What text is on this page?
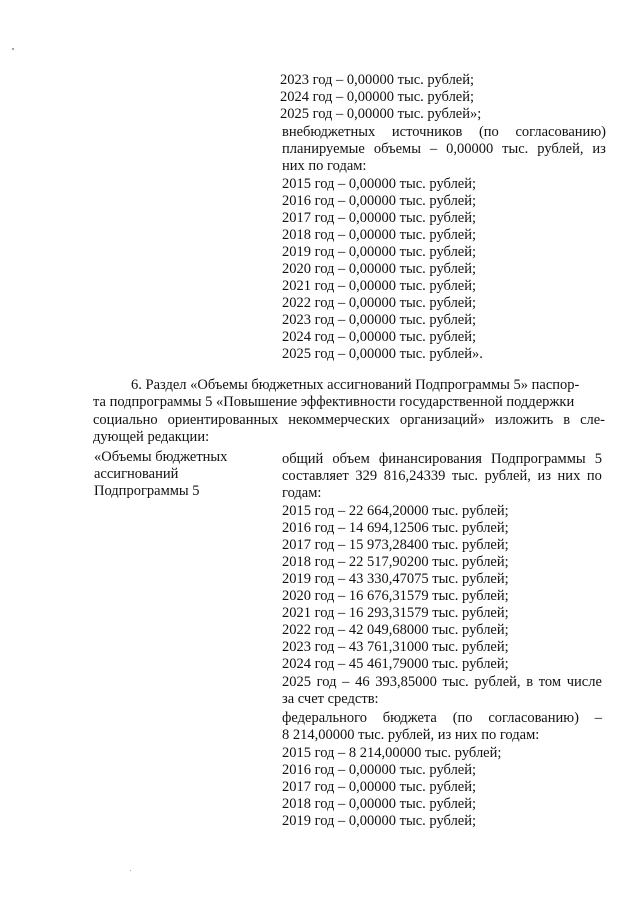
2023 год – 0,00000 тыс. рублей;
2024 год – 0,00000 тыс. рублей;
2025 год – 0,00000 тыс. рублей»;
внебюджетных источников (по согласованию)
планируемые объемы – 0,00000 тыс. рублей, из
них по годам:
2015 год – 0,00000 тыс. рублей;
2016 год – 0,00000 тыс. рублей;
2017 год – 0,00000 тыс. рублей;
2018 год – 0,00000 тыс. рублей;
2019 год – 0,00000 тыс. рублей;
2020 год – 0,00000 тыс. рублей;
2021 год – 0,00000 тыс. рублей;
2022 год – 0,00000 тыс. рублей;
2023 год – 0,00000 тыс. рублей;
2024 год – 0,00000 тыс. рублей;
2025 год – 0,00000 тыс. рублей».
6. Раздел «Объемы бюджетных ассигнований Подпрограммы 5» паспор-
та подпрограммы 5 «Повышение эффективности государственной поддержки
социально ориентированных некоммерческих организаций» изложить в сле-
дующей редакции:
«Объемы бюджетных
ассигнований
Подпрограммы 5
общий объем финансирования Подпрограммы 5
составляет 329 816,24339 тыс. рублей, из них по
годам:
2015 год – 22 664,20000 тыс. рублей;
2016 год – 14 694,12506 тыс. рублей;
2017 год – 15 973,28400 тыс. рублей;
2018 год – 22 517,90200 тыс. рублей;
2019 год – 43 330,47075 тыс. рублей;
2020 год – 16 676,31579 тыс. рублей;
2021 год – 16 293,31579 тыс. рублей;
2022 год – 42 049,68000 тыс. рублей;
2023 год – 43 761,31000 тыс. рублей;
2024 год – 45 461,79000 тыс. рублей;
2025 год – 46 393,85000 тыс. рублей, в том числе
за счет средств:
федерального бюджета (по согласованию) –
8 214,00000 тыс. рублей, из них по годам:
2015 год – 8 214,00000 тыс. рублей;
2016 год – 0,00000 тыс. рублей;
2017 год – 0,00000 тыс. рублей;
2018 год – 0,00000 тыс. рублей;
2019 год – 0,00000 тыс. рублей;
